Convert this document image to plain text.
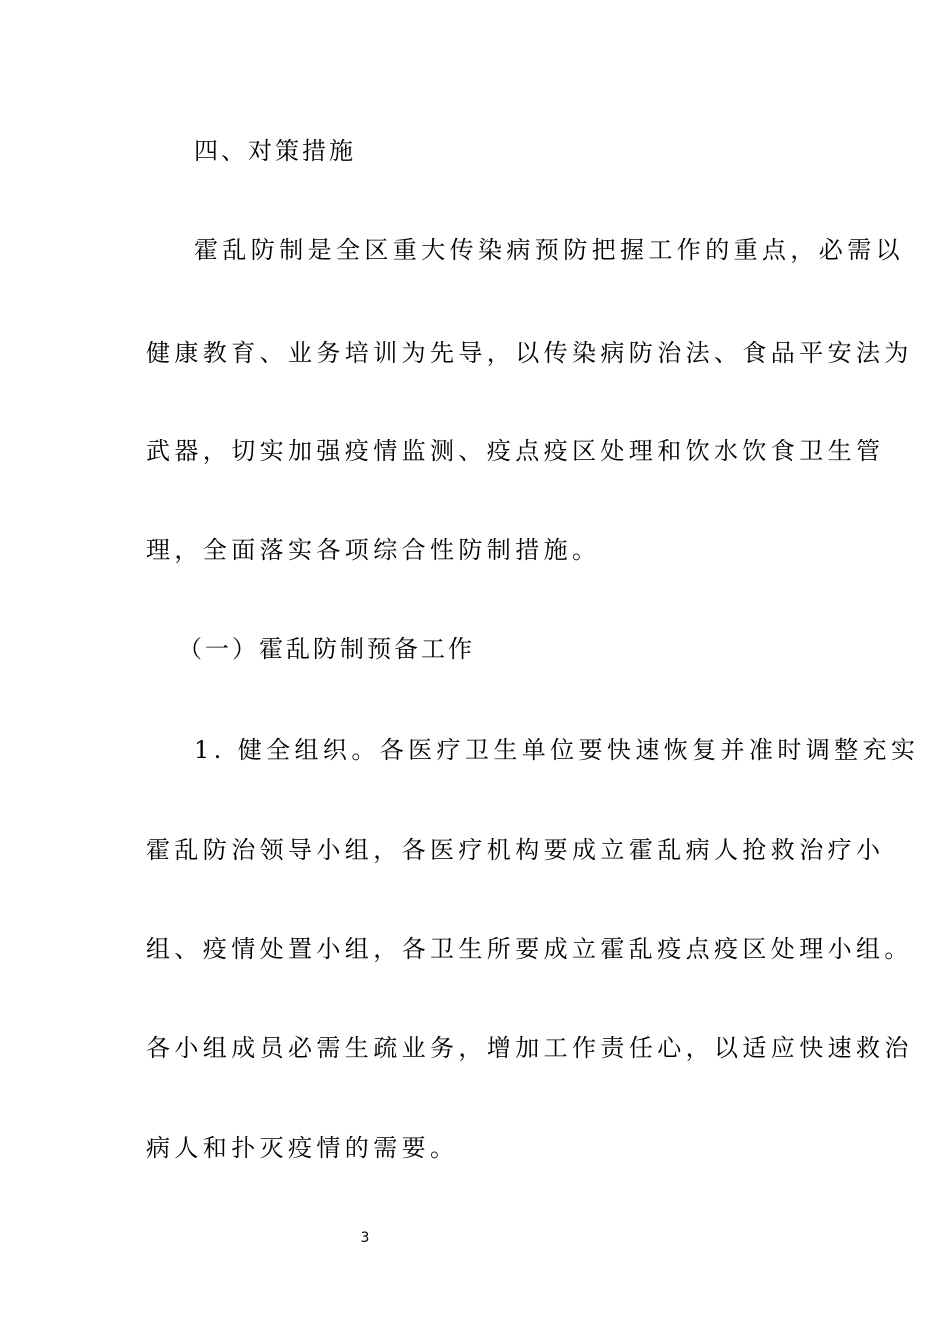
四、对策措施
霍乱防制是全区重大传染病预防把握工作的重点，必需以
健康教育、业务培训为先导，以传染病防治法、食品平安法为
武器，切实加强疫情监测、疫点疫区处理和饮水饮食卫生管
理，全面落实各项综合性防制措施。
（一）霍乱防制预备工作
1. 健全组织。各医疗卫生单位要快速恢复并准时调整充实
霍乱防治领导小组，各医疗机构要成立霍乱病人抢救治疗小
组、疫情处置小组，各卫生所要成立霍乱疫点疫区处理小组。
各小组成员必需生疏业务，增加工作责任心，以适应快速救治
病人和扑灭疫情的需要。
3
